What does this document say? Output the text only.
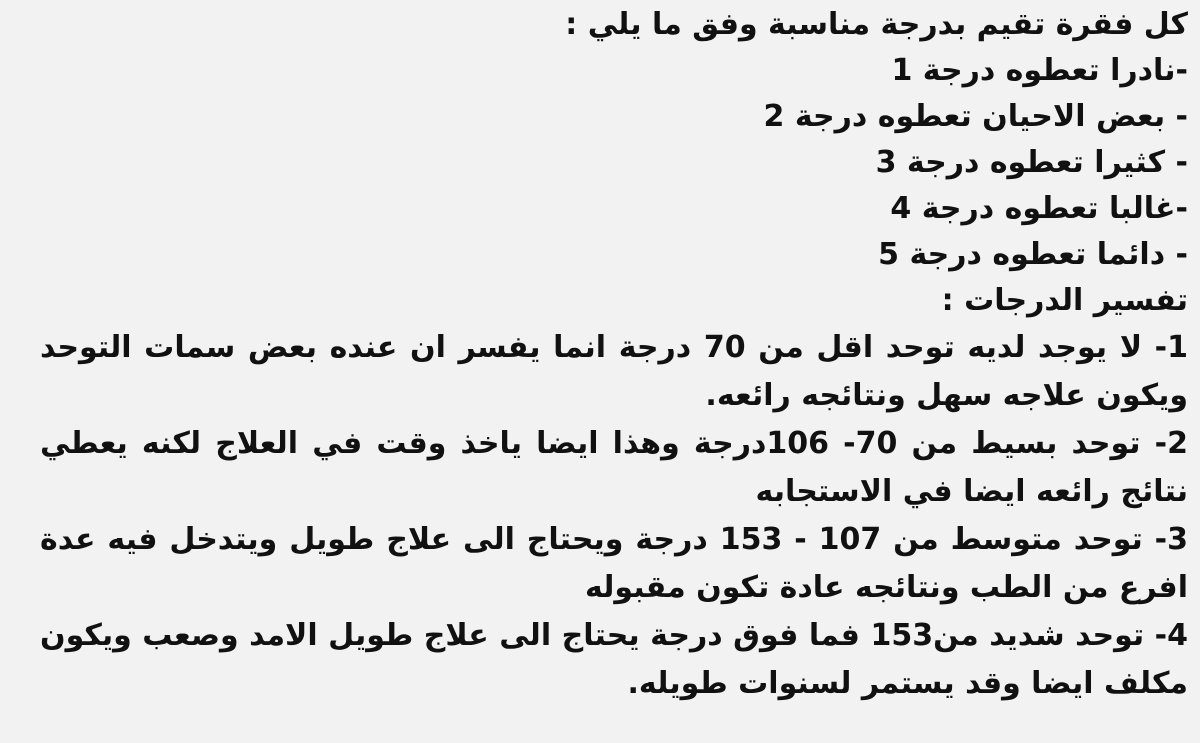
كل فقرة تقيم بدرجة مناسبة وفق ما يلي :

-نادرا تعطوه درجة 1

- بعض الاحيان تعطوه درجة 2

- كثيرا تعطوه درجة 3

-غالبا تعطوه درجة 4

- دائما تعطوه درجة 5

تفسير الدرجات :

1- لا يوجد لديه توحد اقل من 70 درجة انما يفسر ان عنده بعض سمات التوحد ويكون علاجه سهل ونتائجه رائعه.

2- توحد بسيط من 70- 106درجة وهذا ايضا ياخذ وقت في العلاج لكنه يعطي نتائج رائعه ايضا في الاستجابه

3- توحد متوسط من 107 - 153 درجة ويحتاج الى علاج طويل ويتدخل فيه عدة افرع من الطب ونتائجه عادة تكون مقبوله

4- توحد شديد من153 فما فوق درجة يحتاج الى علاج طويل الامد وصعب ويكون مكلف ايضا وقد يستمر لسنوات طويله.
